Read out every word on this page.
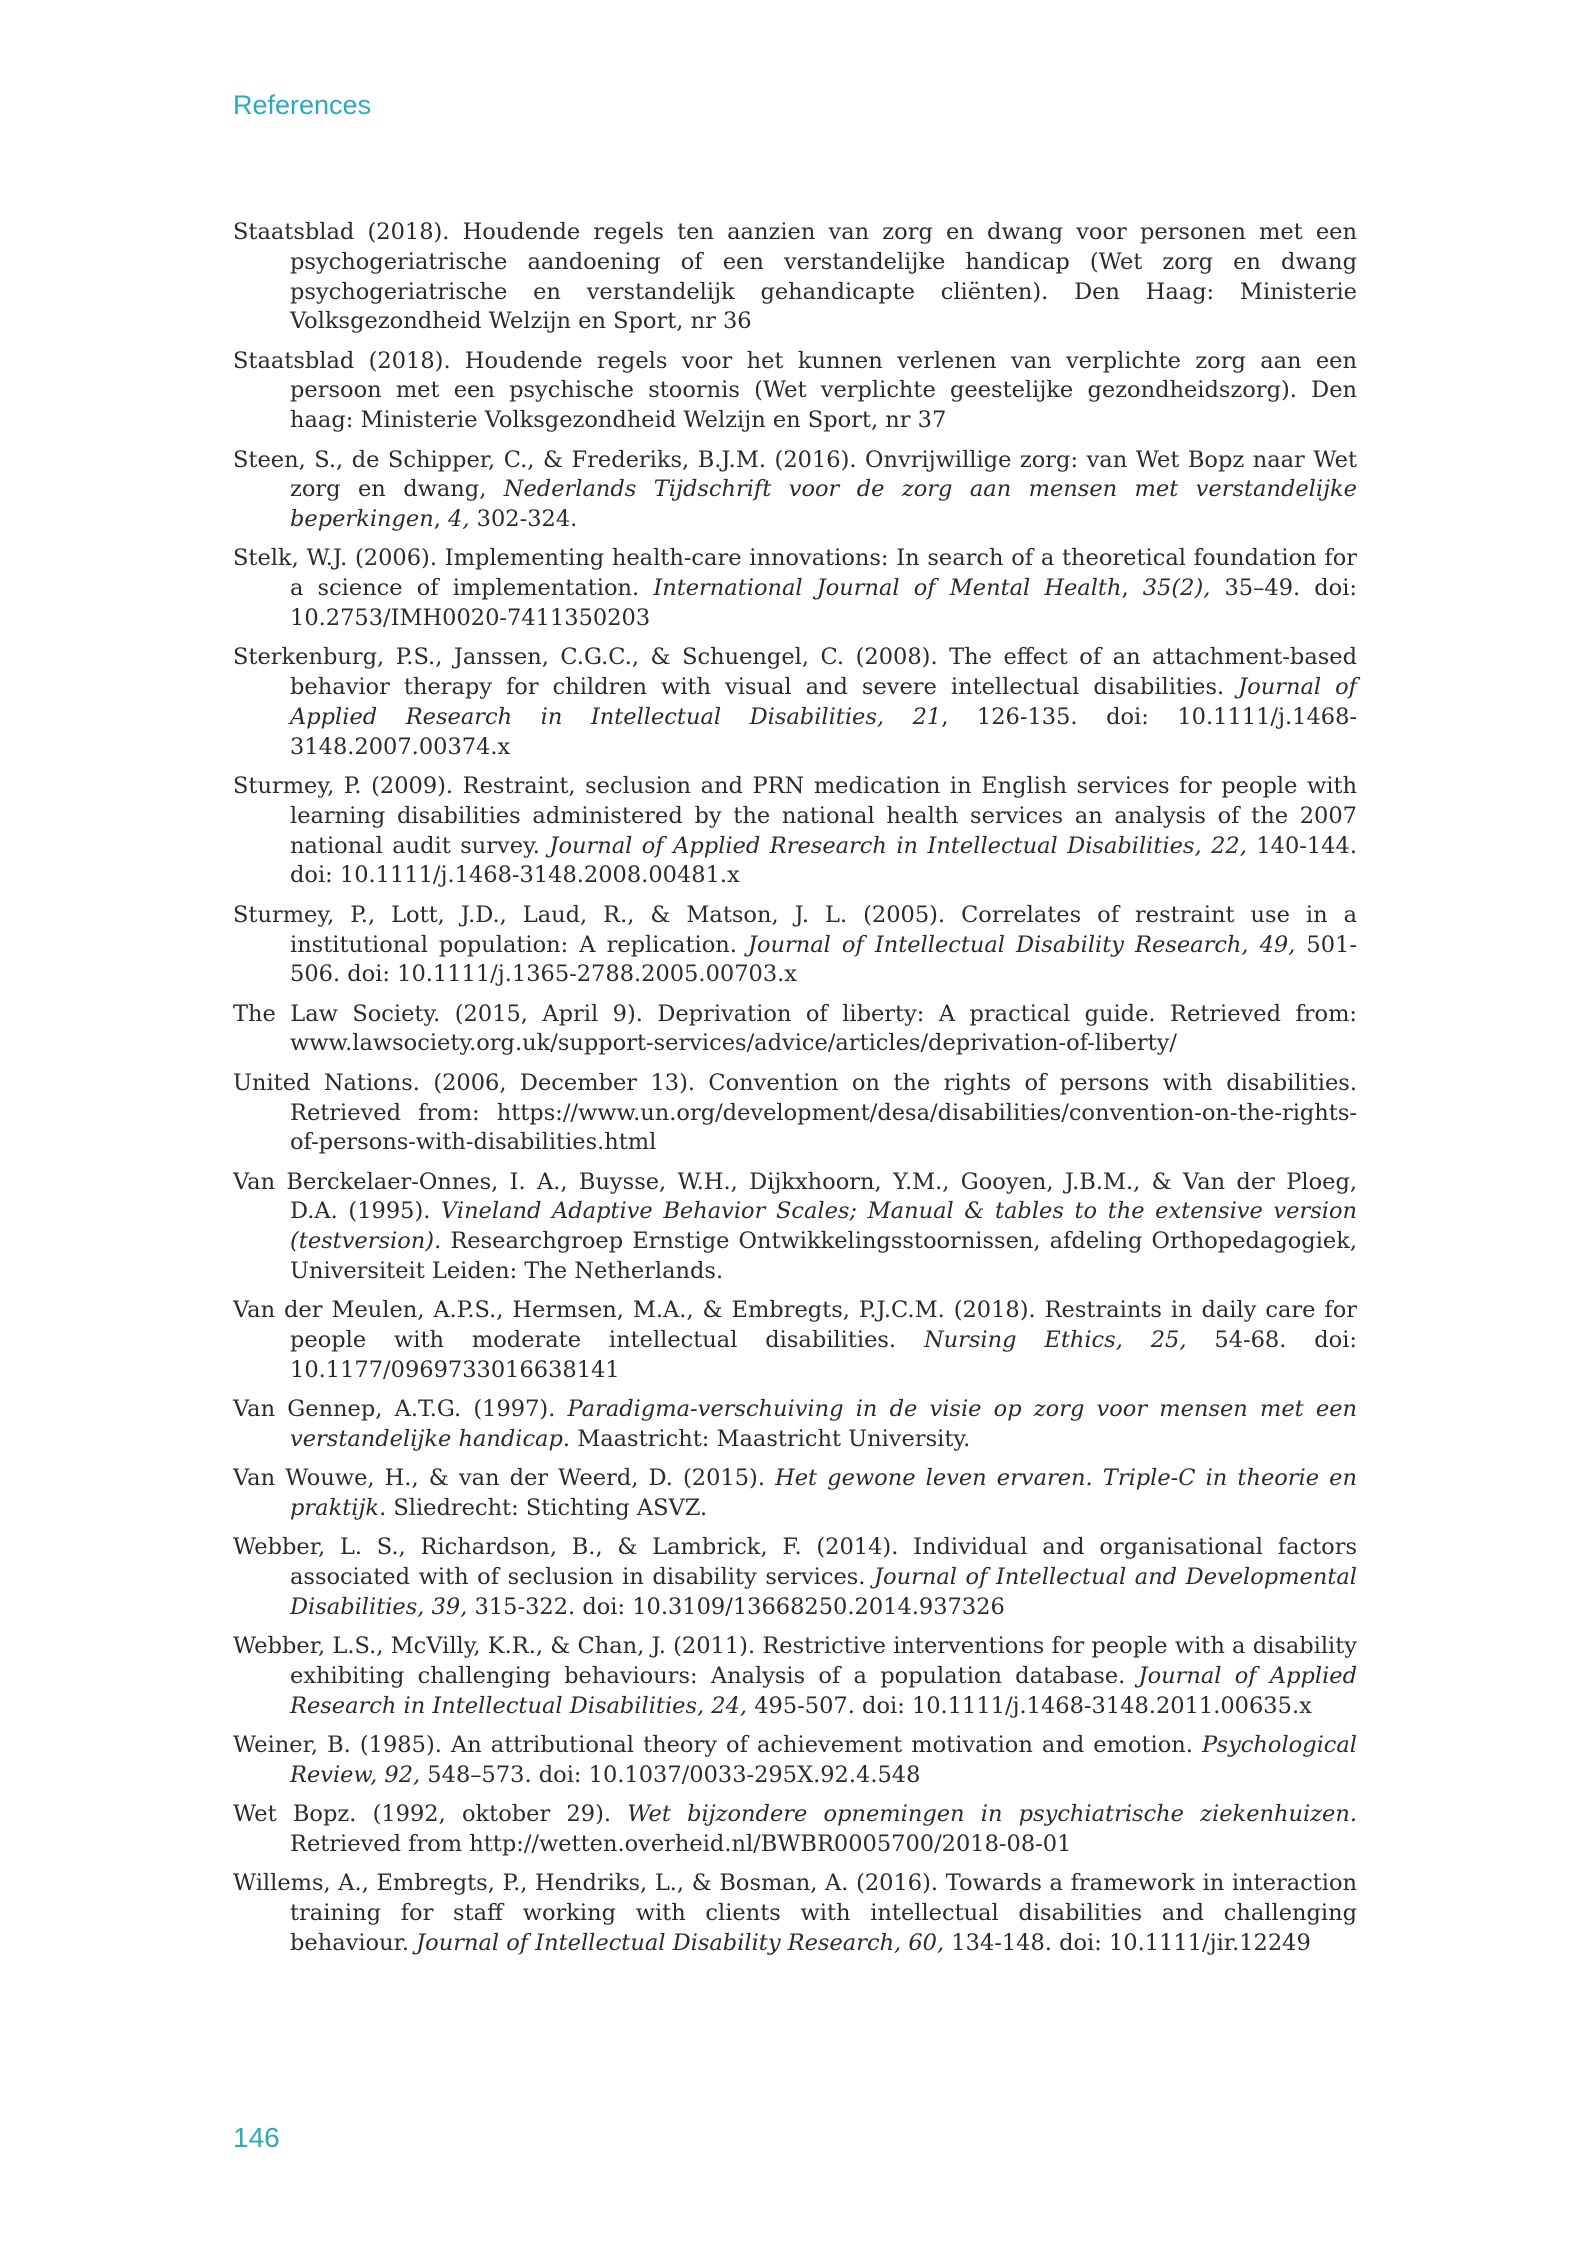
References

Staatsblad (2018). Houdende regels ten aanzien van zorg en dwang voor personen met een psychogeriatrische aandoening of een verstandelijke handicap (Wet zorg en dwang psychogeriatrische en verstandelijk gehandicapte cliënten). Den Haag: Ministerie Volksgezondheid Welzijn en Sport, nr 36

Staatsblad (2018). Houdende regels voor het kunnen verlenen van verplichte zorg aan een persoon met een psychische stoornis (Wet verplichte geestelijke gezondheidszorg). Den haag: Ministerie Volksgezondheid Welzijn en Sport, nr 37

Steen, S., de Schipper, C., & Frederiks, B.J.M. (2016). Onvrijwillige zorg: van Wet Bopz naar Wet zorg en dwang, Nederlands Tijdschrift voor de zorg aan mensen met verstandelijke beperkingen, 4, 302-324.

Stelk, W.J. (2006). Implementing health-care innovations: In search of a theoretical foundation for a science of implementation. International Journal of Mental Health, 35(2), 35–49. doi: 10.2753/IMH0020-7411350203

Sterkenburg, P.S., Janssen, C.G.C., & Schuengel, C. (2008). The effect of an attachment-based behavior therapy for children with visual and severe intellectual disabilities. Journal of Applied Research in Intellectual Disabilities, 21, 126-135. doi: 10.1111/j.1468-3148.2007.00374.x

Sturmey, P. (2009). Restraint, seclusion and PRN medication in English services for people with learning disabilities administered by the national health services an analysis of the 2007 national audit survey. Journal of Applied Rresearch in Intellectual Disabilities, 22, 140-144. doi: 10.1111/j.1468-3148.2008.00481.x

Sturmey, P., Lott, J.D., Laud, R., & Matson, J. L. (2005). Correlates of restraint use in a institutional population: A replication. Journal of Intellectual Disability Research, 49, 501-506. doi: 10.1111/j.1365-2788.2005.00703.x

The Law Society. (2015, April 9). Deprivation of liberty: A practical guide. Retrieved from: www.lawsociety.org.uk/support-services/advice/articles/deprivation-of-liberty/

United Nations. (2006, December 13). Convention on the rights of persons with disabilities. Retrieved from: https://www.un.org/development/desa/disabilities/convention-on-the-rights-of-persons-with-disabilities.html

Van Berckelaer-Onnes, I. A., Buysse, W.H., Dijkxhoorn, Y.M., Gooyen, J.B.M., & Van der Ploeg, D.A. (1995). Vineland Adaptive Behavior Scales; Manual & tables to the extensive version (testversion). Researchgroep Ernstige Ontwikkelingsstoornissen, afdeling Orthopedagogiek, Universiteit Leiden: The Netherlands.

Van der Meulen, A.P.S., Hermsen, M.A., & Embregts, P.J.C.M. (2018). Restraints in daily care for people with moderate intellectual disabilities. Nursing Ethics, 25, 54-68. doi: 10.1177/0969733016638141

Van Gennep, A.T.G. (1997). Paradigma-verschuiving in de visie op zorg voor mensen met een verstandelijke handicap. Maastricht: Maastricht University.

Van Wouwe, H., & van der Weerd, D. (2015). Het gewone leven ervaren. Triple-C in theorie en praktijk. Sliedrecht: Stichting ASVZ.

Webber, L. S., Richardson, B., & Lambrick, F. (2014). Individual and organisational factors associated with of seclusion in disability services. Journal of Intellectual and Developmental Disabilities, 39, 315-322. doi: 10.3109/13668250.2014.937326

Webber, L.S., McVilly, K.R., & Chan, J. (2011). Restrictive interventions for people with a disability exhibiting challenging behaviours: Analysis of a population database. Journal of Applied Research in Intellectual Disabilities, 24, 495-507. doi: 10.1111/j.1468-3148.2011.00635.x

Weiner, B. (1985). An attributional theory of achievement motivation and emotion. Psychological Review, 92, 548–573. doi: 10.1037/0033-295X.92.4.548

Wet Bopz. (1992, oktober 29). Wet bijzondere opnemingen in psychiatrische ziekenhuizen. Retrieved from http://wetten.overheid.nl/BWBR0005700/2018-08-01

Willems, A., Embregts, P., Hendriks, L., & Bosman, A. (2016). Towards a framework in interaction training for staff working with clients with intellectual disabilities and challenging behaviour. Journal of Intellectual Disability Research, 60, 134-148. doi: 10.1111/jir.12249

146
